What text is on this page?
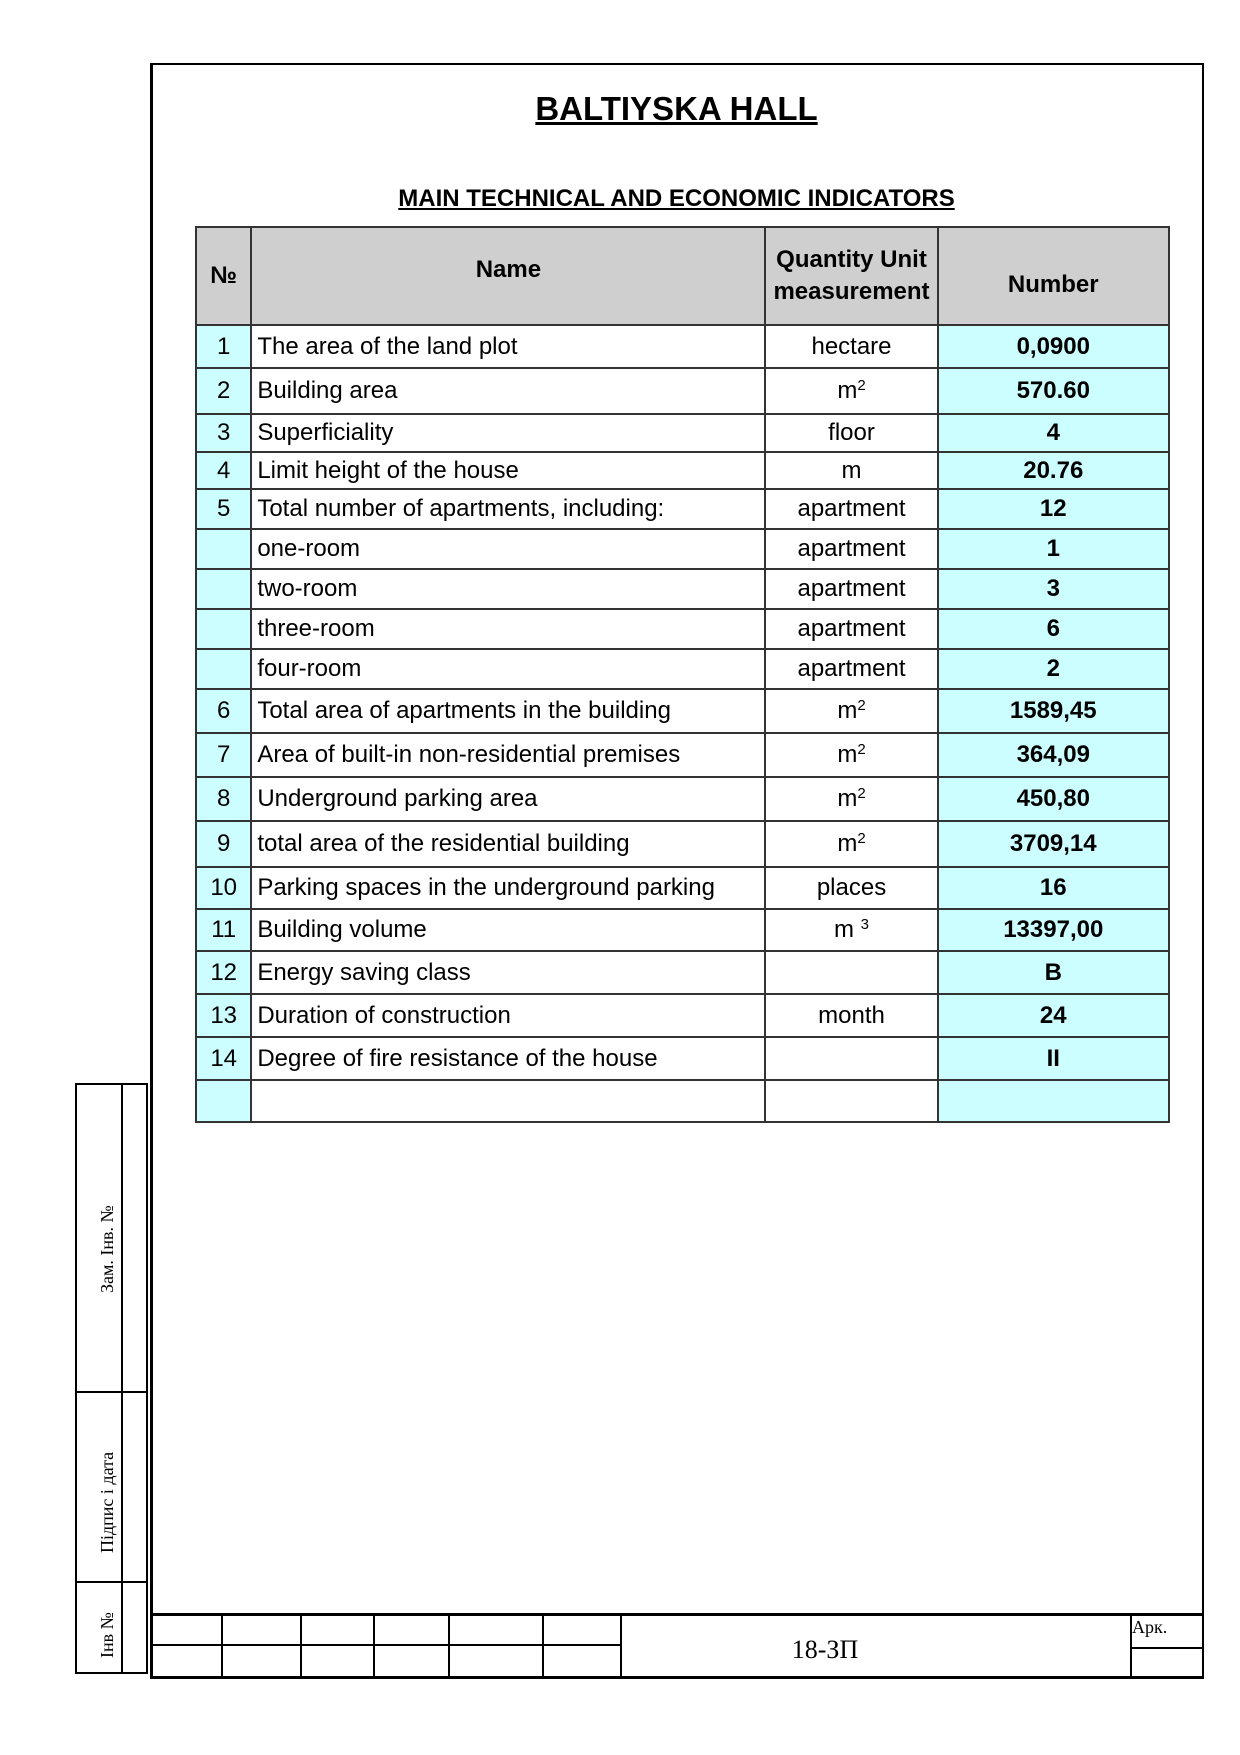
BALTIYSKA HALL
MAIN TECHNICAL AND ECONOMIC INDICATORS
№	Name	Quantity Unit measurement	Number
1	The area of the land plot	hectare	0,0900
2	Building area	$m^2$	570.60
3	Superficiality	floor	4
4	Limit height of the house	m	20.76
5	Total number of apartments, including:	apartment	12
	one-room	apartment	1
	two-room	apartment	3
	three-room	apartment	6
	four-room	apartment	2
6	Total area of apartments in the building	$m^2$	1589,45
7	Area of built-in non-residential premises	$m^2$	364,09
8	Underground parking area	$m^2$	450,80
9	total area of the residential building	$m^2$	3709,14
10	Parking spaces in the underground parking	places	16
11	Building volume	m $^3$	13397,00
12	Energy saving class		B
13	Duration of construction	month	24
14	Degree of fire resistance of the house		II

Зам. Інв. №
Підпис і дата
Інв №	18-ЗП
Арк.
